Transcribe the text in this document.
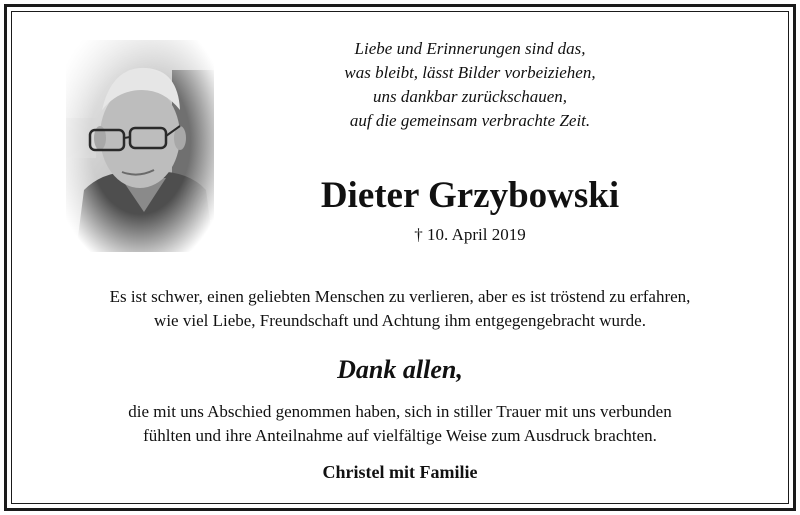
Liebe und Erinnerungen sind das,
was bleibt, lässt Bilder vorbeiziehen,
uns dankbar zurückschauen,
auf die gemeinsam verbrachte Zeit.
Dieter Grzybowski
† 10. April 2019
Es ist schwer, einen geliebten Menschen zu verlieren, aber es ist tröstend zu erfahren,
wie viel Liebe, Freundschaft und Achtung ihm entgegengebracht wurde.
Dank allen,
die mit uns Abschied genommen haben, sich in stiller Trauer mit uns verbunden
fühlten und ihre Anteilnahme auf vielfältige Weise zum Ausdruck brachten.
Christel mit Familie
